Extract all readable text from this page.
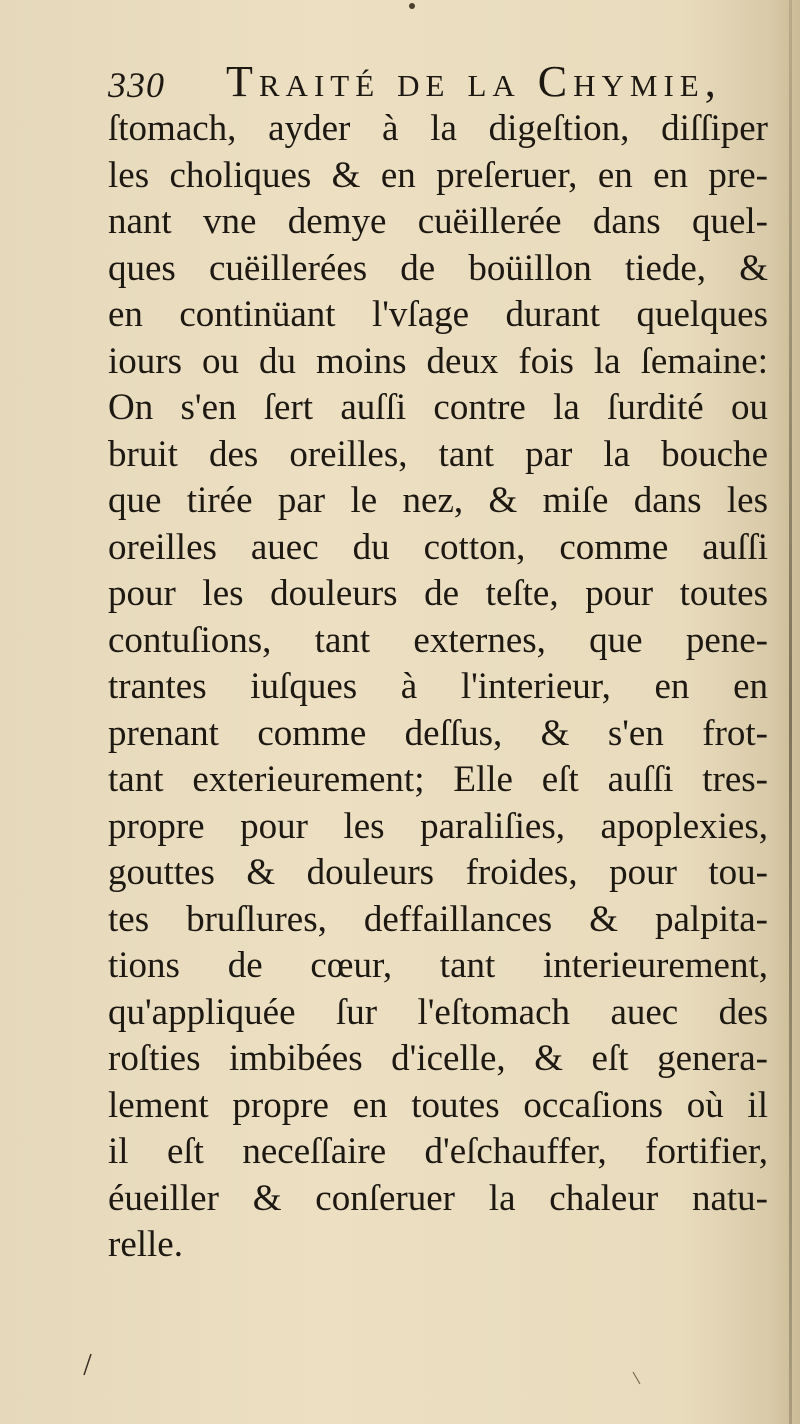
330 Traité de la Chymie,
ſtomach, ayder à la digeſtion, diſſiper
les choliques & en preſeruer, en en pre-
nant vne demye cuëillerée dans quel-
ques cuëillerées de boüillon tiede, &
en continüant l'vſage durant quelques
iours ou du moins deux fois la ſemaine:
On s'en ſert auſſi contre la ſurdité ou
bruit des oreilles, tant par la bouche
que tirée par le nez, & miſe dans les
oreilles auec du cotton, comme auſſi
pour les douleurs de teſte, pour toutes
contuſions, tant externes, que pene-
trantes iuſques à l'interieur, en en
prenant comme deſſus, & s'en frot-
tant exterieurement; Elle eſt auſſi tres-
propre pour les paraliſies, apoplexies,
gouttes & douleurs froides, pour tou-
tes bruſlures, deffaillances & palpita-
tions de cœur, tant interieurement,
qu'appliquée ſur l'eſtomach auec des
roſties imbibées d'icelle, & eſt genera-
lement propre en toutes occaſions où il
il eſt neceſſaire d'eſchauffer, fortifier,
éueiller & conſeruer la chaleur natu-
relle.
